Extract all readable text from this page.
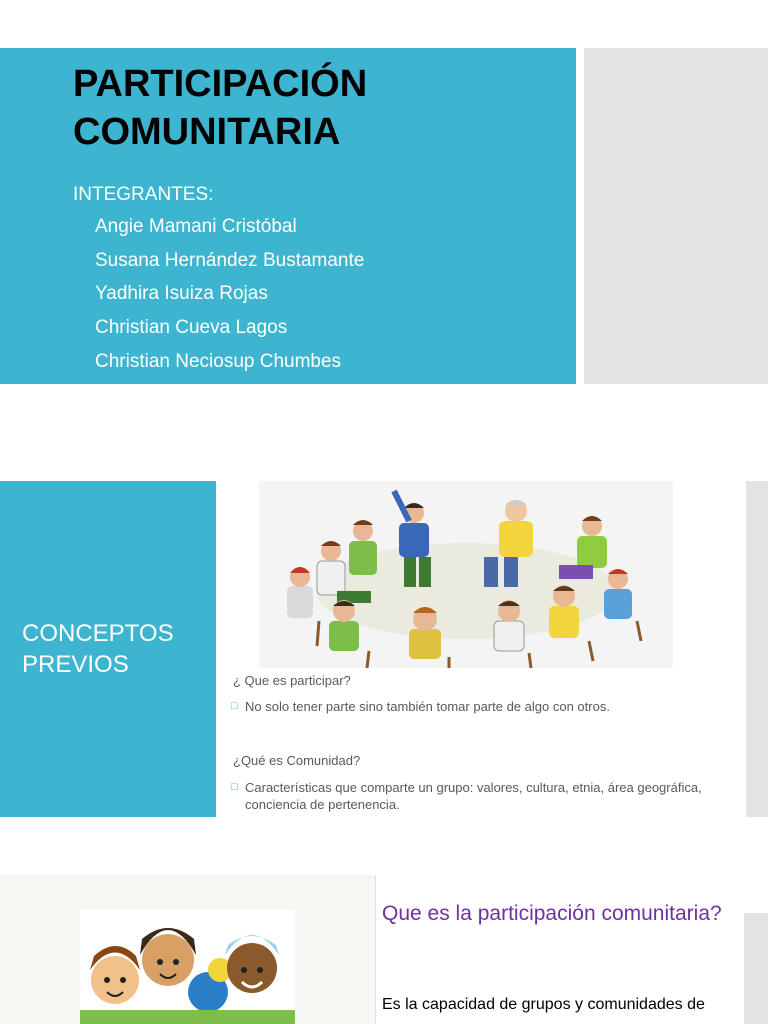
PARTICIPACIÓN
COMUNITARIA
INTEGRANTES:
Angie Mamani Cristóbal
Susana Hernández Bustamante
Yadhira Isuiza Rojas
Christian Cueva Lagos
Christian Neciosup Chumbes
CONCEPTOS
PREVIOS
¿ Que es participar?
□ No solo tener parte sino también tomar parte de algo con otros.
¿Qué es Comunidad?
□ Características que comparte un grupo: valores, cultura, etnia, área geográfica, conciencia de pertenencia.
Que es la participación comunitaria?
Es la capacidad de grupos y comunidades de
